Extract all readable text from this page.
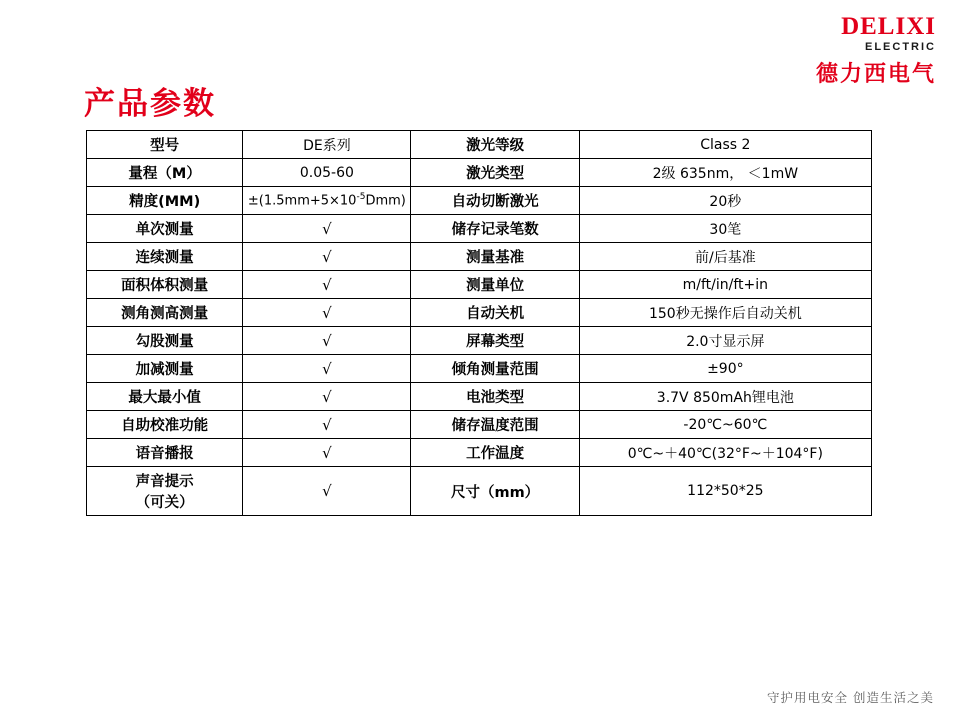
DELIXI
ELECTRIC
德力西电气
产品参数
型号	DE系列	激光等级	Class 2
量程（M）	0.05-60	激光类型	2级 635nm， ＜1mW
精度(MM)	$\pm(1.5mm+5\times 10^{-5}Dmm)$	自动切断激光	20秒
单次测量	√	储存记录笔数	30笔
连续测量	√	测量基准	前/后基准
面积体积测量	√	测量单位	m/ft/in/ft+in
测角测高测量	√	自动关机	150秒无操作后自动关机
勾股测量	√	屏幕类型	2.0寸显示屏
加减测量	√	倾角测量范围	±90°
最大最小值	√	电池类型	3.7V 850mAh锂电池
自助校准功能	√	储存温度范围	-20℃~60℃
语音播报	√	工作温度	0℃~＋40℃(32°F~＋104°F)
声音提示
（可关）	√	尺寸（mm）	112*50*25
守护用电安全 创造生活之美
